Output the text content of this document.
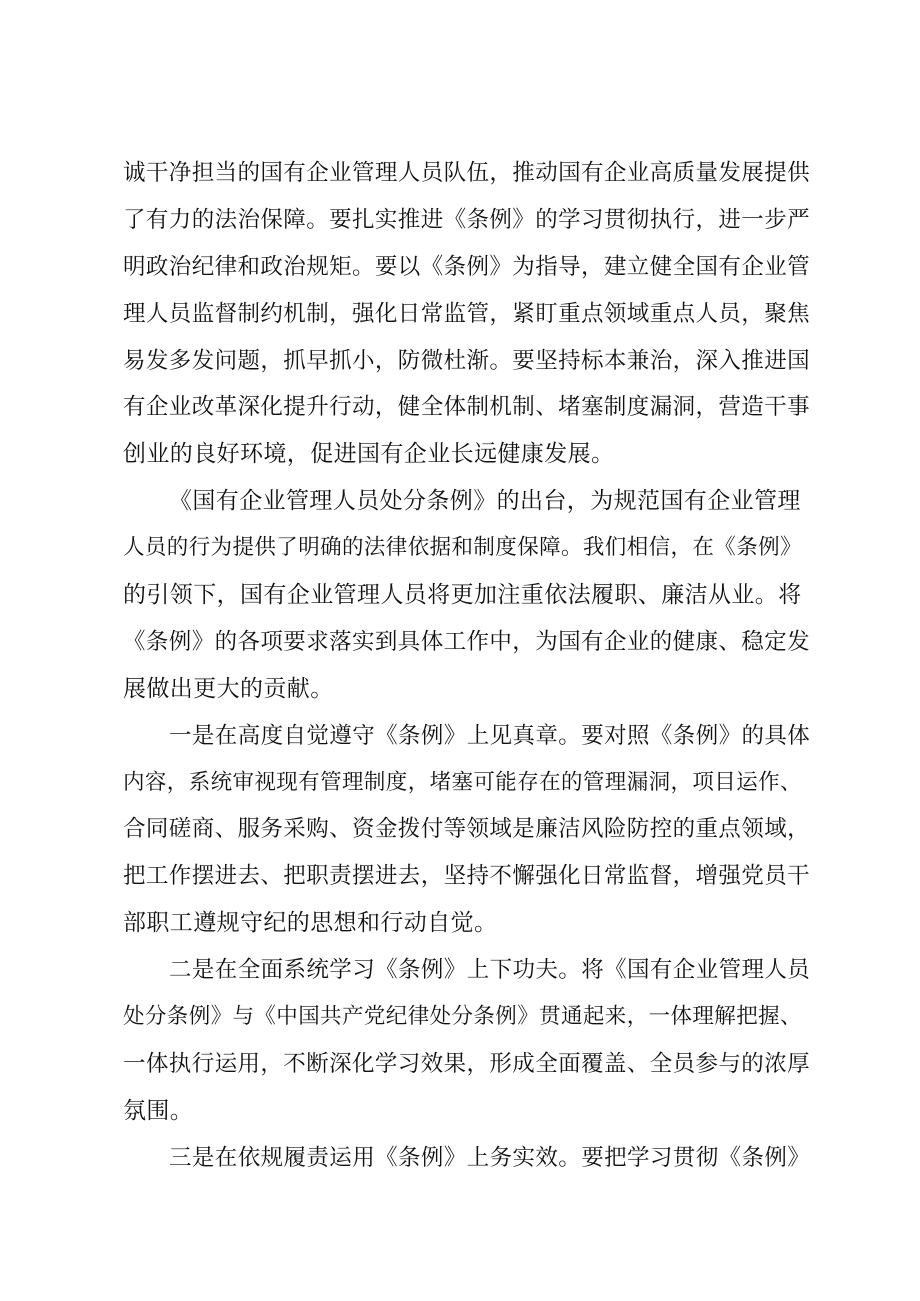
诚干净担当的国有企业管理人员队伍，推动国有企业高质量发展提供
了有力的法治保障。要扎实推进《条例》的学习贯彻执行，进一步严
明政治纪律和政治规矩。要以《条例》为指导，建立健全国有企业管
理人员监督制约机制，强化日常监管，紧盯重点领域重点人员，聚焦
易发多发问题，抓早抓小，防微杜渐。要坚持标本兼治，深入推进国
有企业改革深化提升行动，健全体制机制、堵塞制度漏洞，营造干事
创业的良好环境，促进国有企业长远健康发展。
《国有企业管理人员处分条例》的出台，为规范国有企业管理
人员的行为提供了明确的法律依据和制度保障。我们相信，在《条例》
的引领下，国有企业管理人员将更加注重依法履职、廉洁从业。将
《条例》的各项要求落实到具体工作中，为国有企业的健康、稳定发
展做出更大的贡献。
一是在高度自觉遵守《条例》上见真章。要对照《条例》的具体
内容，系统审视现有管理制度，堵塞可能存在的管理漏洞，项目运作、
合同磋商、服务采购、资金拨付等领域是廉洁风险防控的重点领域，
把工作摆进去、把职责摆进去，坚持不懈强化日常监督，增强党员干
部职工遵规守纪的思想和行动自觉。
二是在全面系统学习《条例》上下功夫。将《国有企业管理人员
处分条例》与《中国共产党纪律处分条例》贯通起来，一体理解把握、
一体执行运用，不断深化学习效果，形成全面覆盖、全员参与的浓厚
氛围。
三是在依规履责运用《条例》上务实效。要把学习贯彻《条例》
